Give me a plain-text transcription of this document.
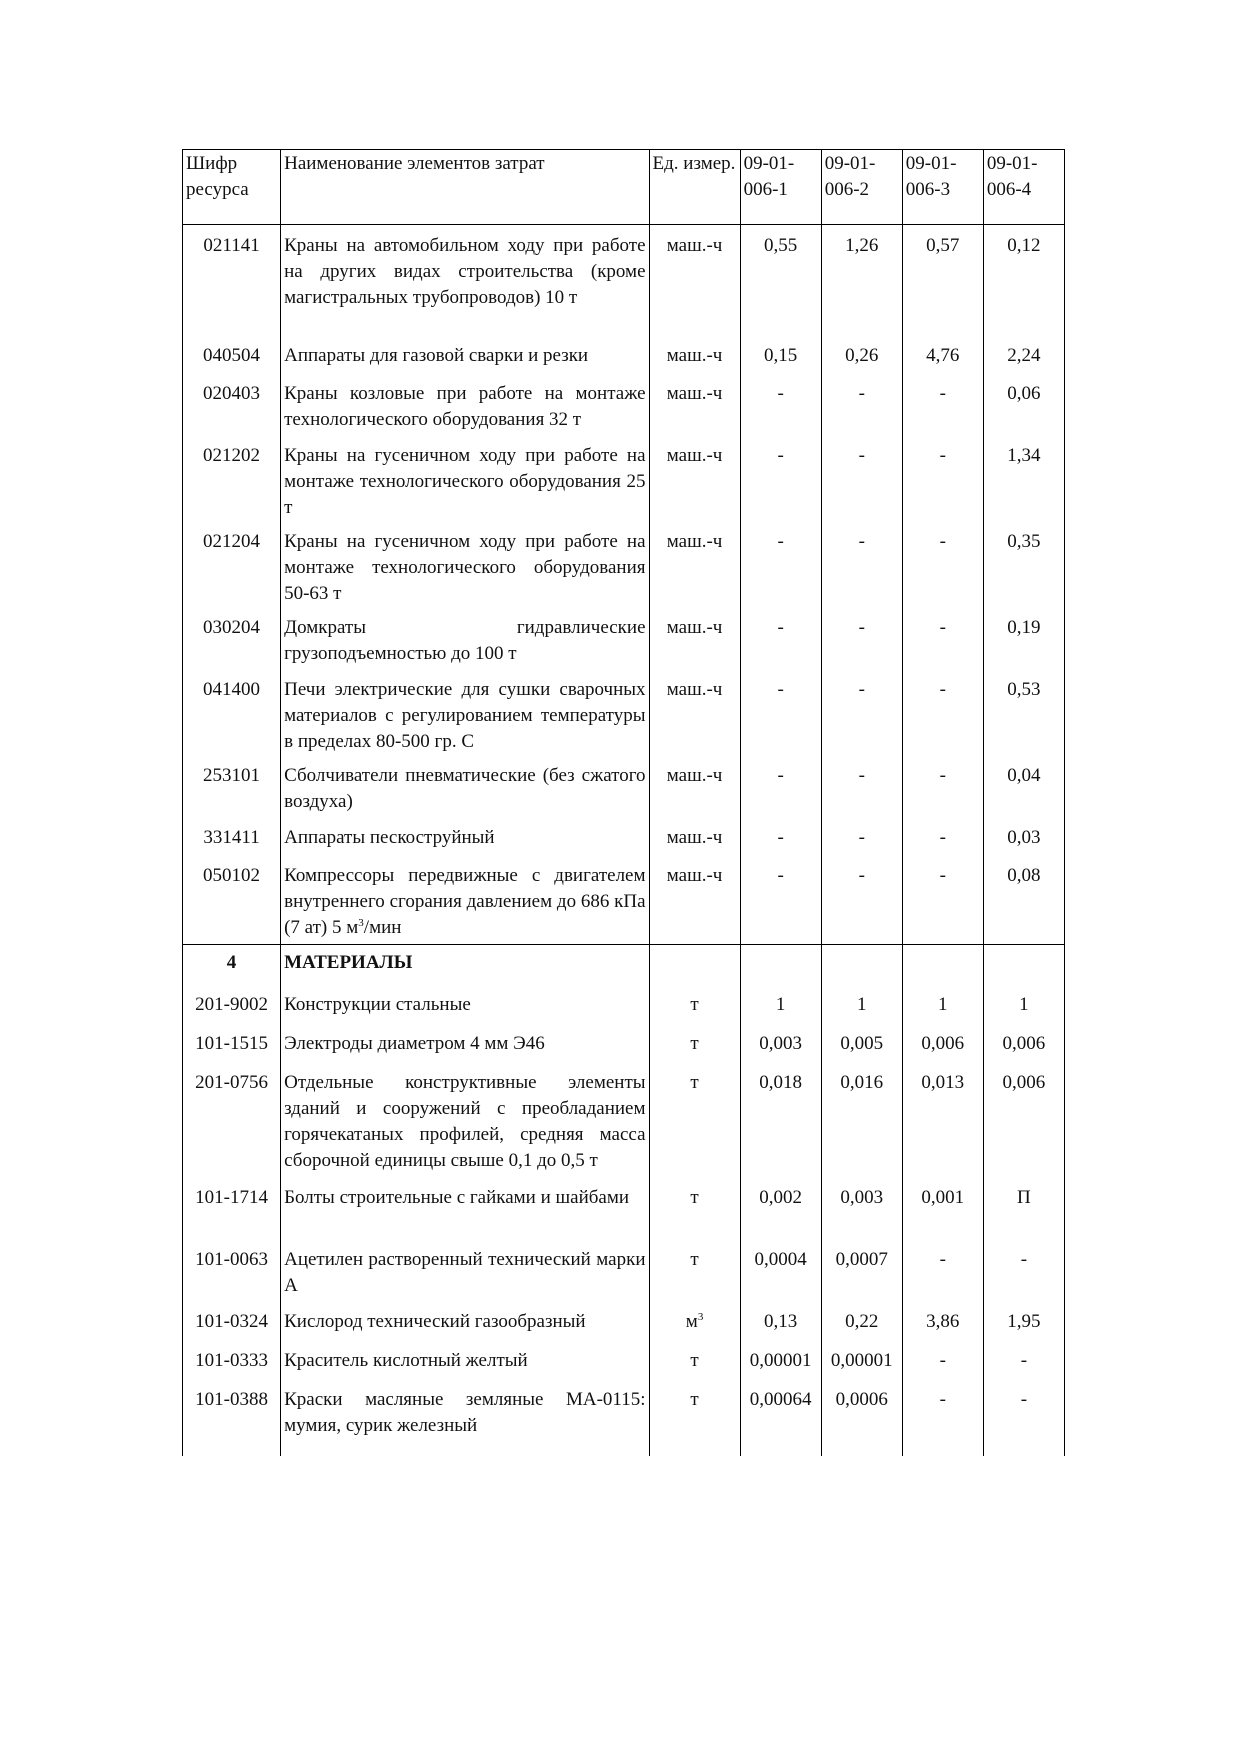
Шифр ресурса	Наименование элементов затрат	Ед. измер.	09-01-006-1	09-01-006-2	09-01-006-3	09-01-006-4
021141	Краны на автомобильном ходу при работе на других видах строительства (кроме магистральных трубопроводов) 10 т	маш.-ч	0,55	1,26	0,57	0,12
040504	Аппараты для газовой сварки и резки	маш.-ч	0,15	0,26	4,76	2,24
020403	Краны козловые при работе на монтаже технологического оборудования 32 т	маш.-ч	-	-	-	0,06
021202	Краны на гусеничном ходу при работе на монтаже технологического оборудования 25 т	маш.-ч	-	-	-	1,34
021204	Краны на гусеничном ходу при работе на монтаже технологического оборудования 50-63 т	маш.-ч	-	-	-	0,35
030204	Домкраты гидравлические грузоподъемностью до 100 т	маш.-ч	-	-	-	0,19
041400	Печи электрические для сушки сварочных материалов с регулированием температуры в пределах 80-500 гр. С	маш.-ч	-	-	-	0,53
253101	Сболчиватели пневматические (без сжатого воздуха)	маш.-ч	-	-	-	0,04
331411	Аппараты пескоструйный	маш.-ч	-	-	-	0,03
050102	Компрессоры передвижные с двигателем внутреннего сгорания давлением до 686 кПа (7 ат) 5 $м^3$/мин	маш.-ч	-	-	-	0,08
4	МАТЕРИАЛЫ					
201-9002	Конструкции стальные	т	1	1	1	1
101-1515	Электроды диаметром 4 мм Э46	т	0,003	0,005	0,006	0,006
201-0756	Отдельные конструктивные элементы зданий и сооружений с преобладанием горячекатаных профилей, средняя масса сборочной единицы свыше 0,1 до 0,5 т	т	0,018	0,016	0,013	0,006
101-1714	Болты строительные с гайками и шайбами	т	0,002	0,003	0,001	П
101-0063	Ацетилен растворенный технический марки А	т	0,0004	0,0007	-	-
101-0324	Кислород технический газообразный	$м^3$	0,13	0,22	3,86	1,95
101-0333	Краситель кислотный желтый	т	0,00001	0,00001	-	-
101-0388	Краски масляные земляные МА-0115: мумия, сурик железный	т	0,00064	0,0006	-	-
